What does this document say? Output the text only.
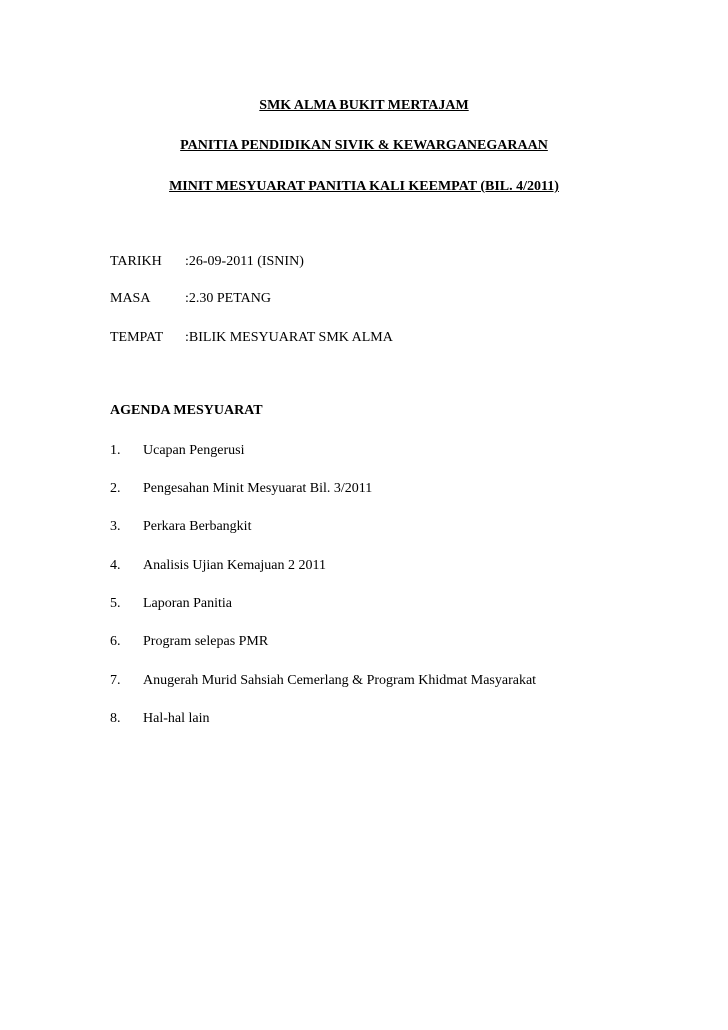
SMK ALMA BUKIT MERTAJAM
PANITIA PENDIDIKAN SIVIK & KEWARGANEGARAAN
MINIT MESYUARAT PANITIA KALI KEEMPAT (BIL. 4/2011)
TARIKH :26-09-2011 (ISNIN)
MASA :2.30 PETANG
TEMPAT :BILIK MESYUARAT SMK ALMA
AGENDA MESYUARAT
1. Ucapan Pengerusi
2. Pengesahan Minit Mesyuarat Bil. 3/2011
3. Perkara Berbangkit
4. Analisis Ujian Kemajuan 2 2011
5. Laporan Panitia
6. Program selepas PMR
7. Anugerah Murid Sahsiah Cemerlang & Program Khidmat Masyarakat
8. Hal-hal lain
